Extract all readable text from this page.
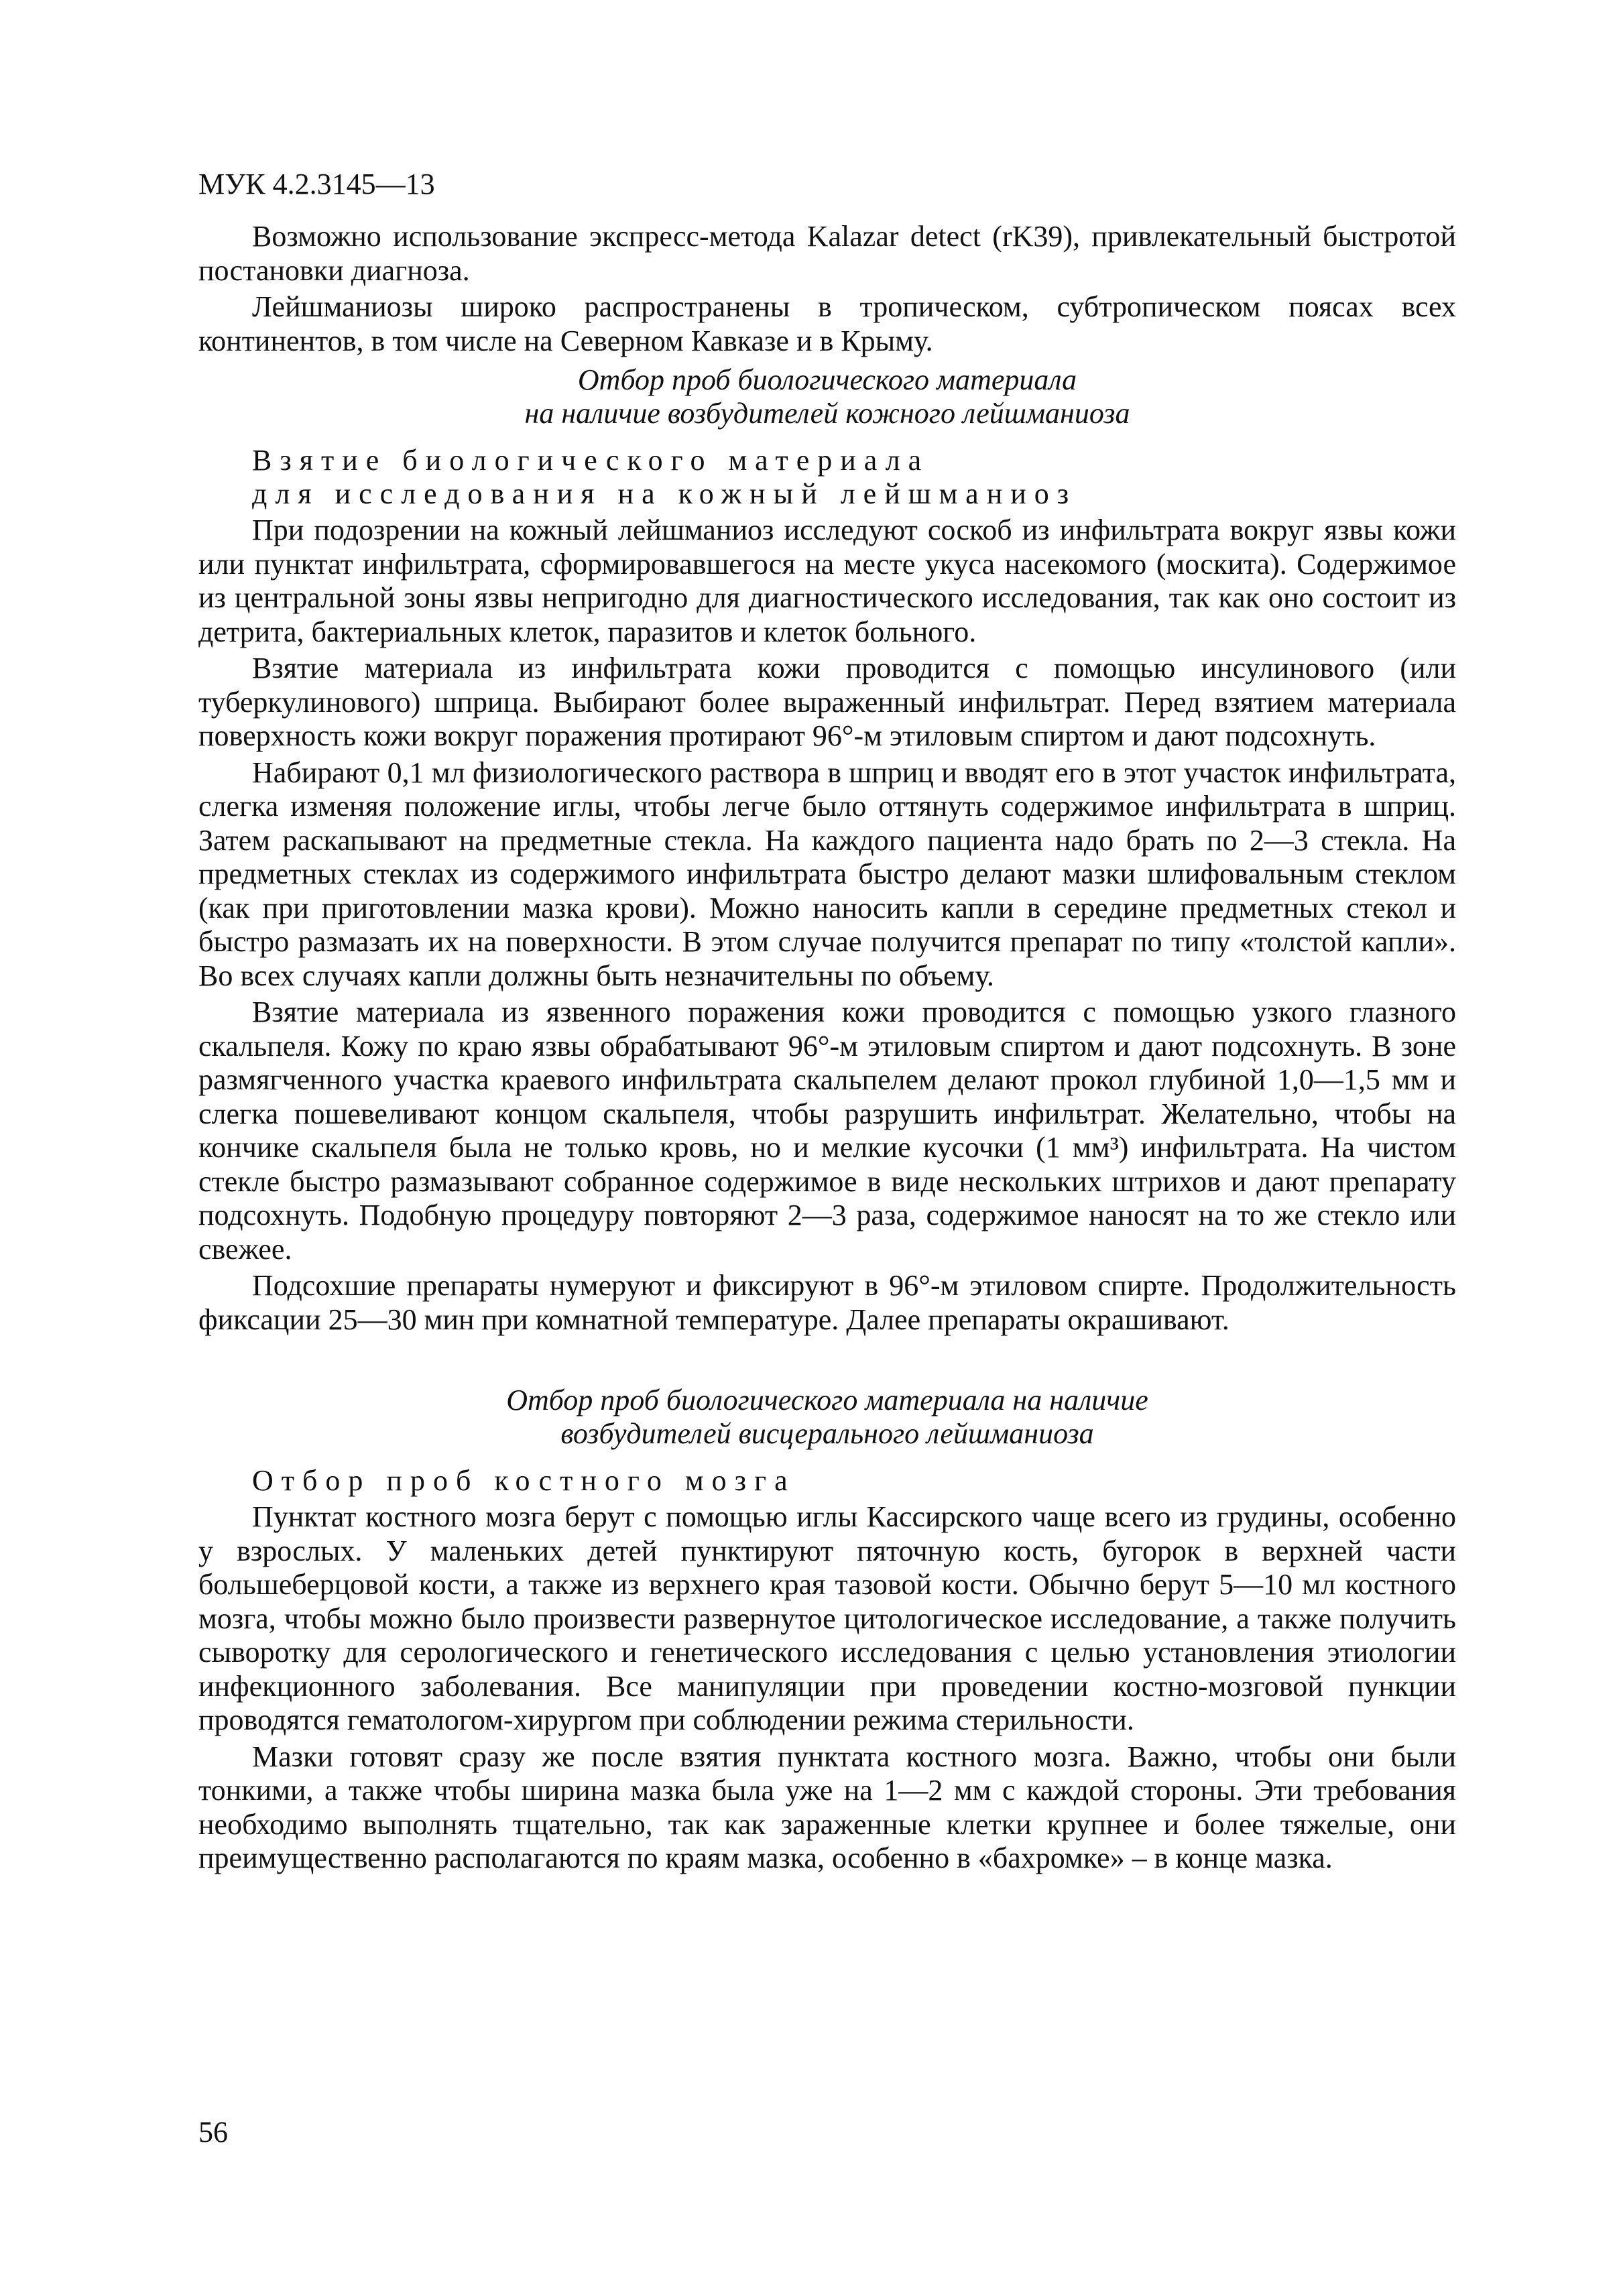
МУК 4.2.3145—13

Возможно использование экспресс-метода Kalazar detect (rK39), привлекательный быстротой постановки диагноза.

Лейшманиозы широко распространены в тропическом, субтропическом поясах всех континентов, в том числе на Северном Кавказе и в Крыму.

Отбор проб биологического материала
на наличие возбудителей кожного лейшманиоза
Взятие биологического материала
для исследования на кожный лейшманиоз

При подозрении на кожный лейшманиоз исследуют соскоб из инфильтрата вокруг язвы кожи или пунктат инфильтрата, сформировавшегося на месте укуса насекомого (москита). Содержимое из центральной зоны язвы непригодно для диагностического исследования, так как оно состоит из детрита, бактериальных клеток, паразитов и клеток больного.

Взятие материала из инфильтрата кожи проводится с помощью инсулинового (или туберкулинового) шприца. Выбирают более выраженный инфильтрат. Перед взятием материала поверхность кожи вокруг поражения протирают 96°-м этиловым спиртом и дают подсохнуть.

Набирают 0,1 мл физиологического раствора в шприц и вводят его в этот участок инфильтрата, слегка изменяя положение иглы, чтобы легче было оттянуть содержимое инфильтрата в шприц. Затем раскапывают на предметные стекла. На каждого пациента надо брать по 2—3 стекла. На предметных стеклах из содержимого инфильтрата быстро делают мазки шлифовальным стеклом (как при приготовлении мазка крови). Можно наносить капли в середине предметных стекол и быстро размазать их на поверхности. В этом случае получится препарат по типу «толстой капли». Во всех случаях капли должны быть незначительны по объему.

Взятие материала из язвенного поражения кожи проводится с помощью узкого глазного скальпеля. Кожу по краю язвы обрабатывают 96°-м этиловым спиртом и дают подсохнуть. В зоне размягченного участка краевого инфильтрата скальпелем делают прокол глубиной 1,0—1,5 мм и слегка пошевеливают концом скальпеля, чтобы разрушить инфильтрат. Желательно, чтобы на кончике скальпеля была не только кровь, но и мелкие кусочки (1 мм³) инфильтрата. На чистом стекле быстро размазывают собранное содержимое в виде нескольких штрихов и дают препарату подсохнуть. Подобную процедуру повторяют 2—3 раза, содержимое наносят на то же стекло или свежее.

Подсохшие препараты нумеруют и фиксируют в 96°-м этиловом спирте. Продолжительность фиксации 25—30 мин при комнатной температуре. Далее препараты окрашивают.

Отбор проб биологического материала на наличие
возбудителей висцерального лейшманиоза
Отбор проб костного мозга

Пунктат костного мозга берут с помощью иглы Кассирского чаще всего из грудины, особенно у взрослых. У маленьких детей пунктируют пяточную кость, бугорок в верхней части большеберцовой кости, а также из верхнего края тазовой кости. Обычно берут 5—10 мл костного мозга, чтобы можно было произвести развернутое цитологическое исследование, а также получить сыворотку для серологического и генетического исследования с целью установления этиологии инфекционного заболевания. Все манипуляции при проведении костно-мозговой пункции проводятся гематологом-хирургом при соблюдении режима стерильности.

Мазки готовят сразу же после взятия пунктата костного мозга. Важно, чтобы они были тонкими, а также чтобы ширина мазка была уже на 1—2 мм с каждой стороны. Эти требования необходимо выполнять тщательно, так как зараженные клетки крупнее и более тяжелые, они преимущественно располагаются по краям мазка, особенно в «бахромке» – в конце мазка.

56
